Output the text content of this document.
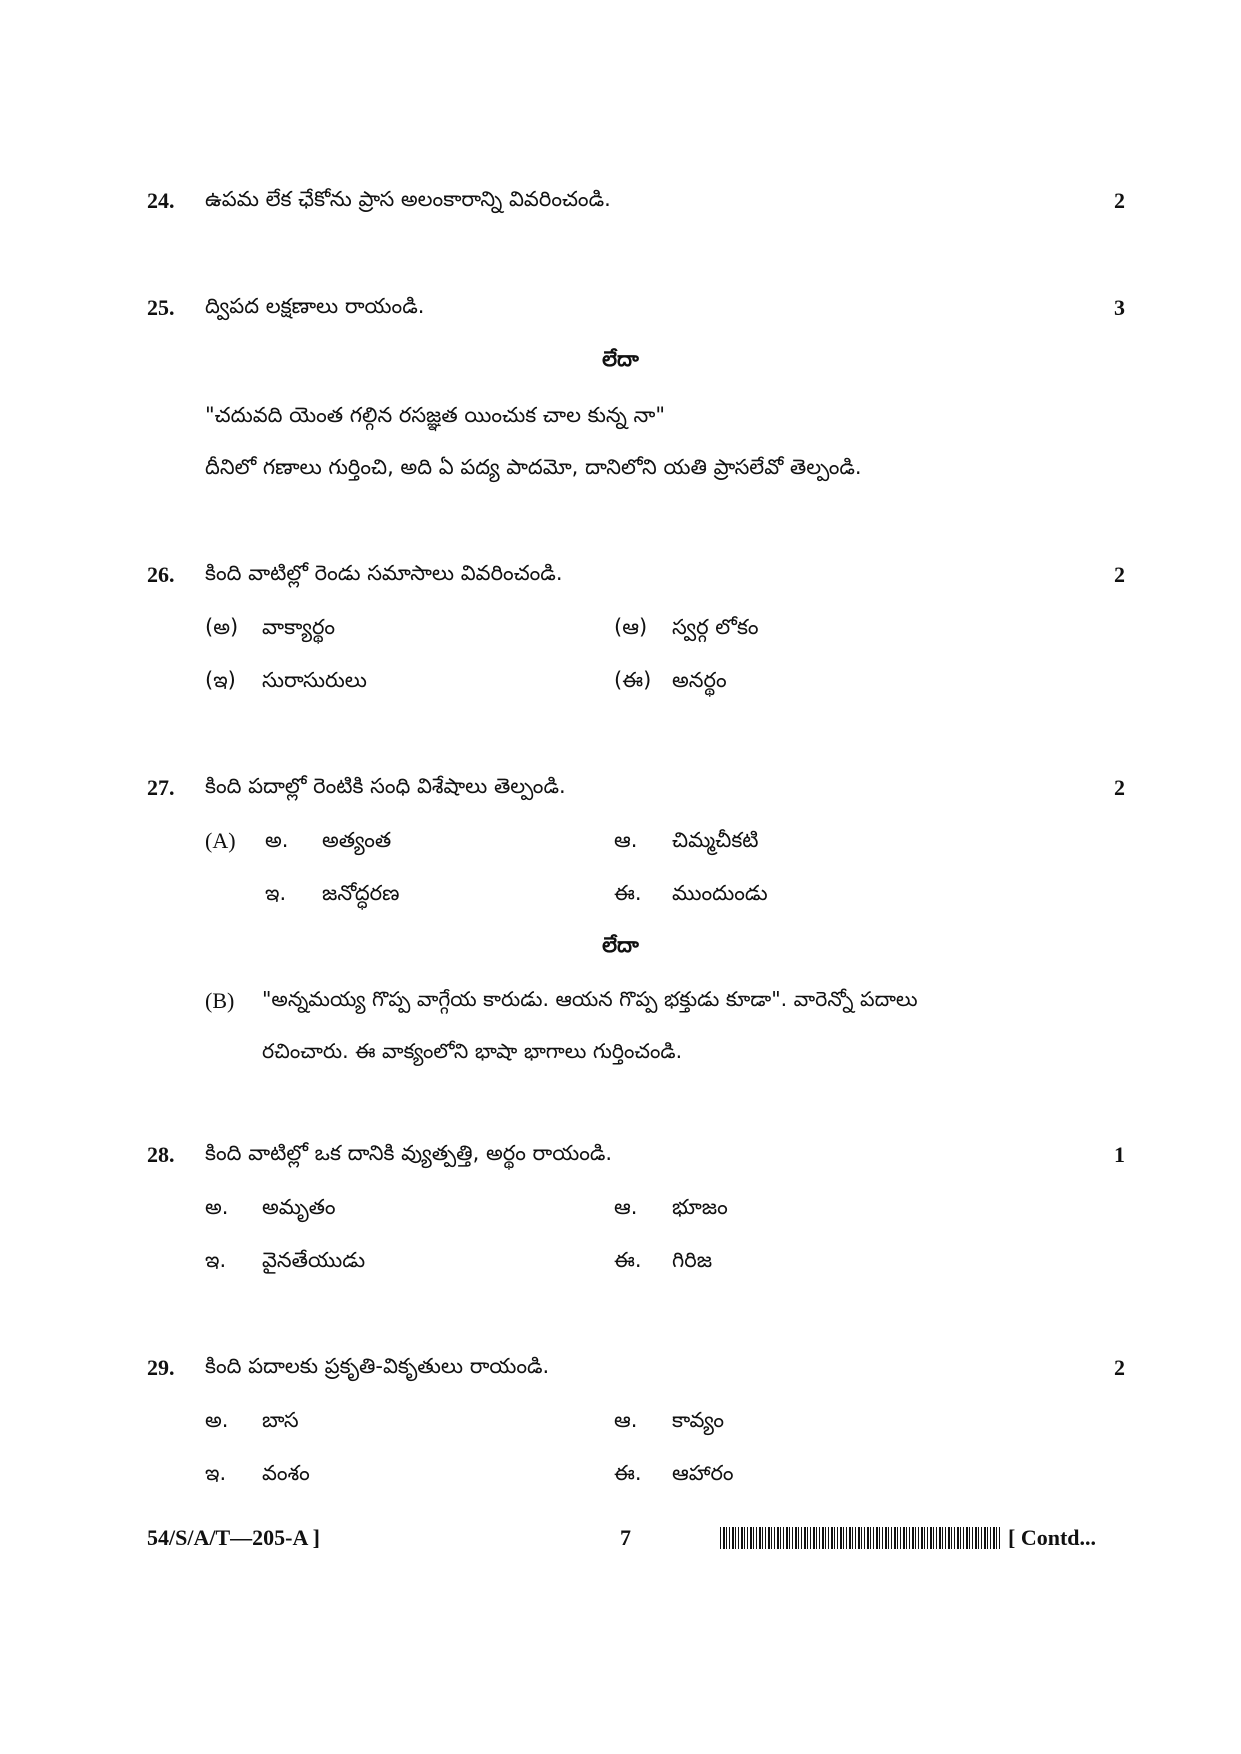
24. ఉపమ లేక ఛేకోను ప్రాస అలంకారాన్ని వివరించండి.	2
25. ద్విపద లక్షణాలు రాయండి.	3
లేదా
"చదువది యెంత గల్గిన రసజ్ఞత యించుక చాల కున్న నా"
దీనిలో గణాలు గుర్తించి, అది ఏ పద్య పాదమో, దానిలోని యతి ప్రాసలేవో తెల్పండి.
26. కింది వాటిల్లో రెండు సమాసాలు వివరించండి.	2
(అ) వాక్యార్థం	(ఆ) స్వర్గ లోకం
(ఇ) సురాసురులు	(ఈ) అనర్థం
27. కింది పదాల్లో రెంటికి సంధి విశేషాలు తెల్పండి.	2
(A) అ. అత్యంత	ఆ. చిమ్మచీకటి
ఇ. జనోద్ధరణ	ఈ. ముందుండు
లేదా
(B) "అన్నమయ్య గొప్ప వాగ్గేయ కారుడు. ఆయన గొప్ప భక్తుడు కూడా". వారెన్నో పదాలు
రచించారు. ఈ వాక్యంలోని భాషా భాగాలు గుర్తించండి.
28. కింది వాటిల్లో ఒక దానికి వ్యుత్పత్తి, అర్థం రాయండి.	1
అ. అమృతం	ఆ. భూజం
ఇ. వైనతేయుడు	ఈ. గిరిజ
29. కింది పదాలకు ప్రకృతి-వికృతులు రాయండి.	2
అ. బాస	ఆ. కావ్యం
ఇ. వంశం	ఈ. ఆహారం
54/S/A/T—205-A ]	7	[ Contd...
